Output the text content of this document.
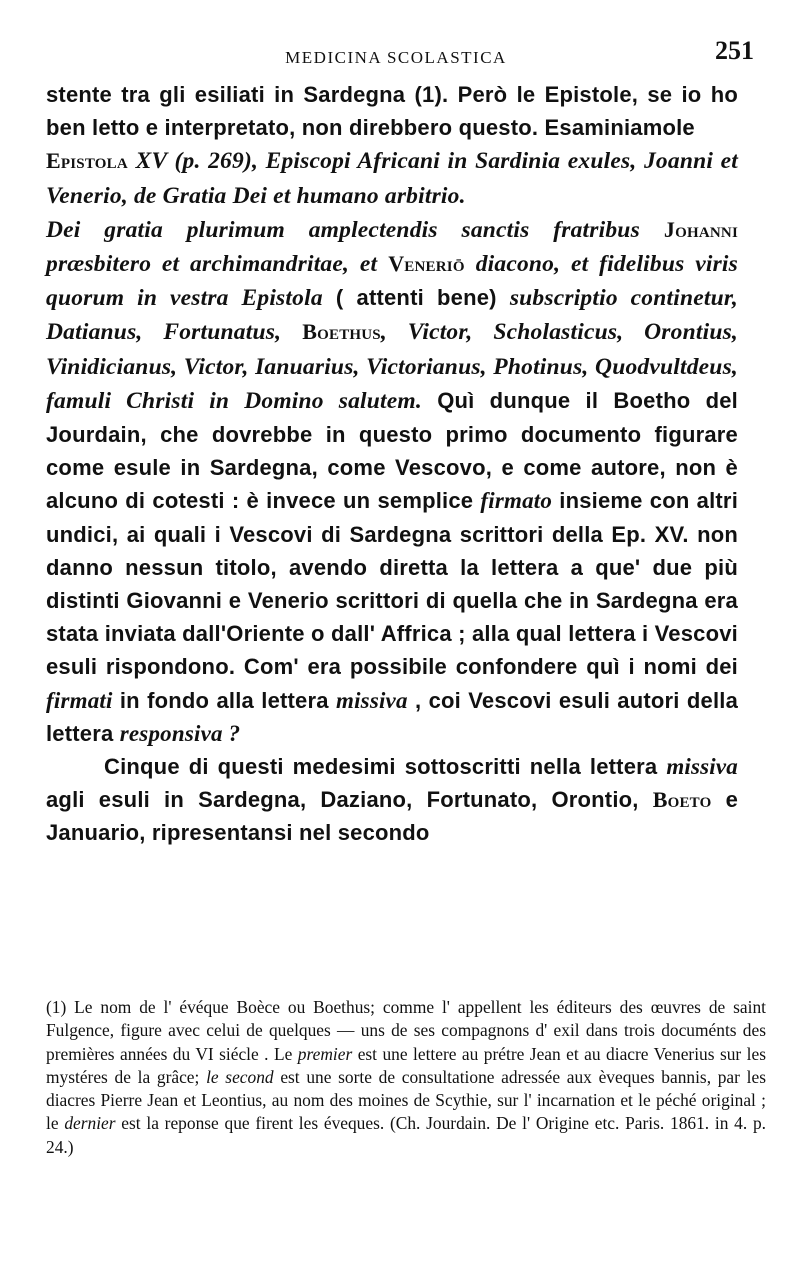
MEDICINA SCOLASTICA	251

stente tra gli esiliati in Sardegna (1). Però le Epistole, se io ho ben letto e interpretato, non direbbero questo. Esaminiamole

Epistola XV (p. 269), Episcopi Africani in Sardinia exules, Joanni et Venerio, de Gratia Dei et humano arbitrio.

Dei gratia plurimum amplectendis sanctis fratribus Johanni præsbitero et archimandritae, et Veneriō diacono, et fidelibus viris quorum in vestra Epistola ( attenti bene) subscriptio continetur, Datianus, Fortunatus, Boethus, Victor, Scholasticus, Orontius, Vinidicianus, Victor, Ianuarius, Victorianus, Photinus, Quodvultdeus, famuli Christi in Domino salutem. Quì dunque il Boetho del Jourdain, che dovrebbe in questo primo documento figurare come esule in Sardegna, come Vescovo, e come autore, non è alcuno di cotesti : è invece un semplice firmato insieme con altri undici, ai quali i Vescovi di Sardegna scrittori della Ep. XV. non danno nessun titolo, avendo diretta la lettera a que' due più distinti Giovanni e Venerio scrittori di quella che in Sardegna era stata inviata dall'Oriente o dall' Affrica ; alla qual lettera i Vescovi esuli rispondono. Com' era possibile confondere quì i nomi dei firmati in fondo alla lettera missiva , coi Vescovi esuli autori della lettera responsiva ?

Cinque di questi medesimi sottoscritti nella lettera missiva agli esuli in Sardegna, Daziano, Fortunato, Orontio, Boeto e Januario, ripresentansi nel secondo

(1) Le nom de l' évéque Boèce ou Boethus; comme l' appellent les éditeurs des œuvres de saint Fulgence, figure avec celui de quelques — uns de ses compagnons d' exil dans trois documénts des premières années du VI siécle . Le premier est une lettere au prétre Jean et au diacre Venerius sur les mystéres de la grâce; le second est une sorte de consultatione adressée aux èveques bannis, par les diacres Pierre Jean et Leontius, au nom des moines de Scythie, sur l' incarnation et le péché original ; le dernier est la reponse que firent les éveques. (Ch. Jourdain. De l' Origine etc. Paris. 1861. in 4. p. 24.)
